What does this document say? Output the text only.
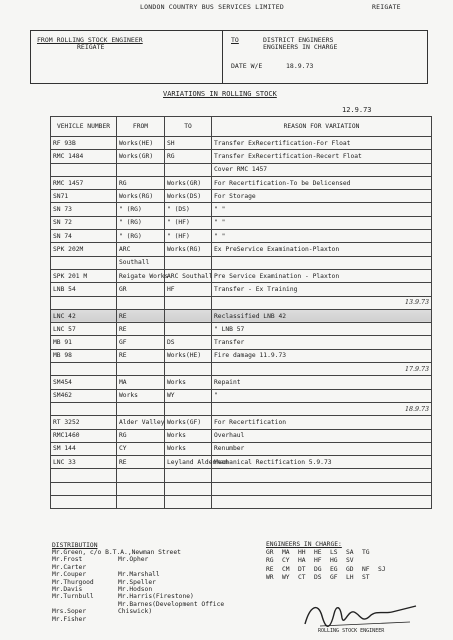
LONDON COUNTRY BUS SERVICES LIMITED	REIGATE
FROM ROLLING STOCK ENGINEER
REIGATE
TO	DISTRICT ENGINEERS
ENGINEERS IN CHARGE
DATE W/E	18.9.73
VARIATIONS IN ROLLING STOCK
12.9.73
VEHICLE NUMBER	FROM	TO	REASON FOR VARIATION
RF 93B	Works(HE)	SH	Transfer ExRecertification-For Float
RMC 1484	Works(GR)	RG	Transfer ExRecertification-Recert Float
			Cover RMC 1457
RMC 1457	RG	Works(GR)	For Recertification-To be Delicensed
SN71	Works(RG)	Works(DS)	For Storage
SN 73	" (RG)	" (DS)	" "
SN 72	" (RG)	" (HF)	" "
SN 74	" (RG)	" (HF)	" "
SPK 202M	ARC	Works(RG)	Ex PreService Examination-Plaxton
	Southall		
SPK 201 M	Reigate Works	ARC Southall	Pre Service Examination - Plaxton
LNB 54	GR	HF	Transfer - Ex Training
			13.9.73
LNC 42	RE		Reclassified LNB 42
LNC 57	RE		" LNB 57
MB 91	GF	DS	Transfer
MB 98	RE	Works(HE)	Fire damage 11.9.73
			17.9.73
SM454	MA	Works	Repaint
SM462	Works	WY	"
			18.9.73
RT 3252	Alder Valley	Works(GF)	For Recertification
RMC1460	RG	Works	Overhaul
SM 144	CY	Works	Renumber
LNC 33	RE	Leyland Aldenham	Mechanical Rectification 5.9.73

DISTRIBUTION
Mr.Green, c/o B.T.A.,Newman Street
Mr.Frost
Mr.Carter
Mr.Couper
Mr.Thurgood
Mr.Davis
Mr.Turnbull
Mrs.Soper
Mr.Fisher
Mr.Opher
Mr.Marshall
Mr.Speller
Mr.Hodson
Mr.Harris(Firestone)
Mr.Barnes(Development Office
Chiswick)
ENGINEERS IN CHARGE:
GR MA HH HE LS SA TG
RG CY HA HF HG SV
RE CM DT DG EG GD NF SJ
WR WY CT DS GF LH ST
ROLLING STOCK ENGINEER
